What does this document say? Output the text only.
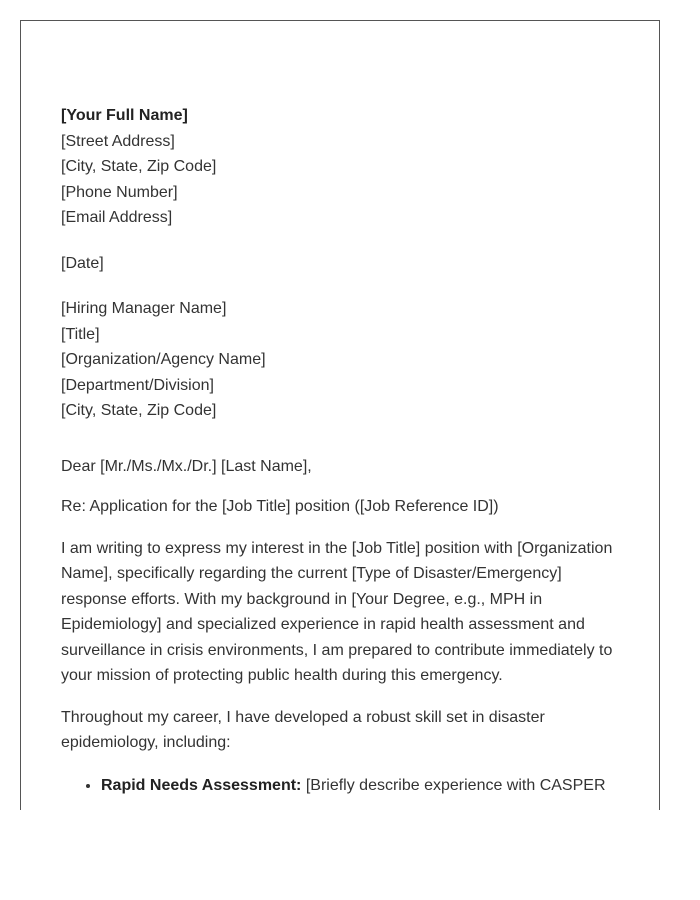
[Your Full Name]
[Street Address]
[City, State, Zip Code]
[Phone Number]
[Email Address]
[Date]
[Hiring Manager Name]
[Title]
[Organization/Agency Name]
[Department/Division]
[City, State, Zip Code]

Dear [Mr./Ms./Mx./Dr.] [Last Name],

Re: Application for the [Job Title] position ([Job Reference ID])

I am writing to express my interest in the [Job Title] position with [Organization
Name], specifically regarding the current [Type of Disaster/Emergency]
response efforts. With my background in [Your Degree, e.g., MPH in
Epidemiology] and specialized experience in rapid health assessment and
surveillance in crisis environments, I am prepared to contribute immediately to
your mission of protecting public health during this emergency.

Throughout my career, I have developed a robust skill set in disaster
epidemiology, including:

• Rapid Needs Assessment: [Briefly describe experience with CASPER
